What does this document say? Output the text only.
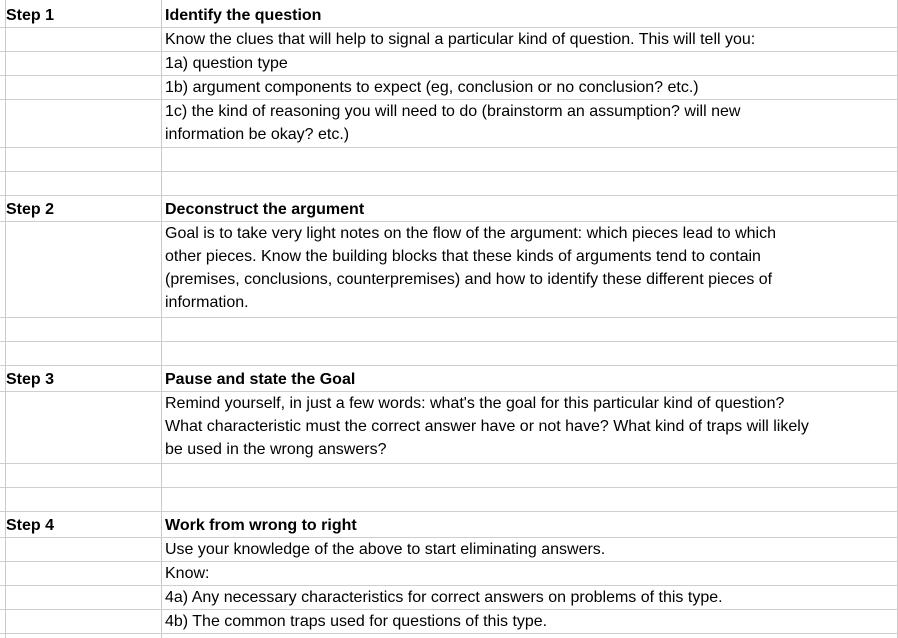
Step 1	Identify the question
Know the clues that will help to signal a particular kind of question. This will tell you:
1a) question type
1b) argument components to expect (eg, conclusion or no conclusion? etc.)
1c) the kind of reasoning you will need to do (brainstorm an assumption? will new
information be okay? etc.)
Step 2	Deconstruct the argument
Goal is to take very light notes on the flow of the argument: which pieces lead to which
other pieces. Know the building blocks that these kinds of arguments tend to contain
(premises, conclusions, counterpremises) and how to identify these different pieces of
information.
Step 3	Pause and state the Goal
Remind yourself, in just a few words: what's the goal for this particular kind of question?
What characteristic must the correct answer have or not have? What kind of traps will likely
be used in the wrong answers?
Step 4	Work from wrong to right
Use your knowledge of the above to start eliminating answers.
Know:
4a) Any necessary characteristics for correct answers on problems of this type.
4b) The common traps used for questions of this type.
